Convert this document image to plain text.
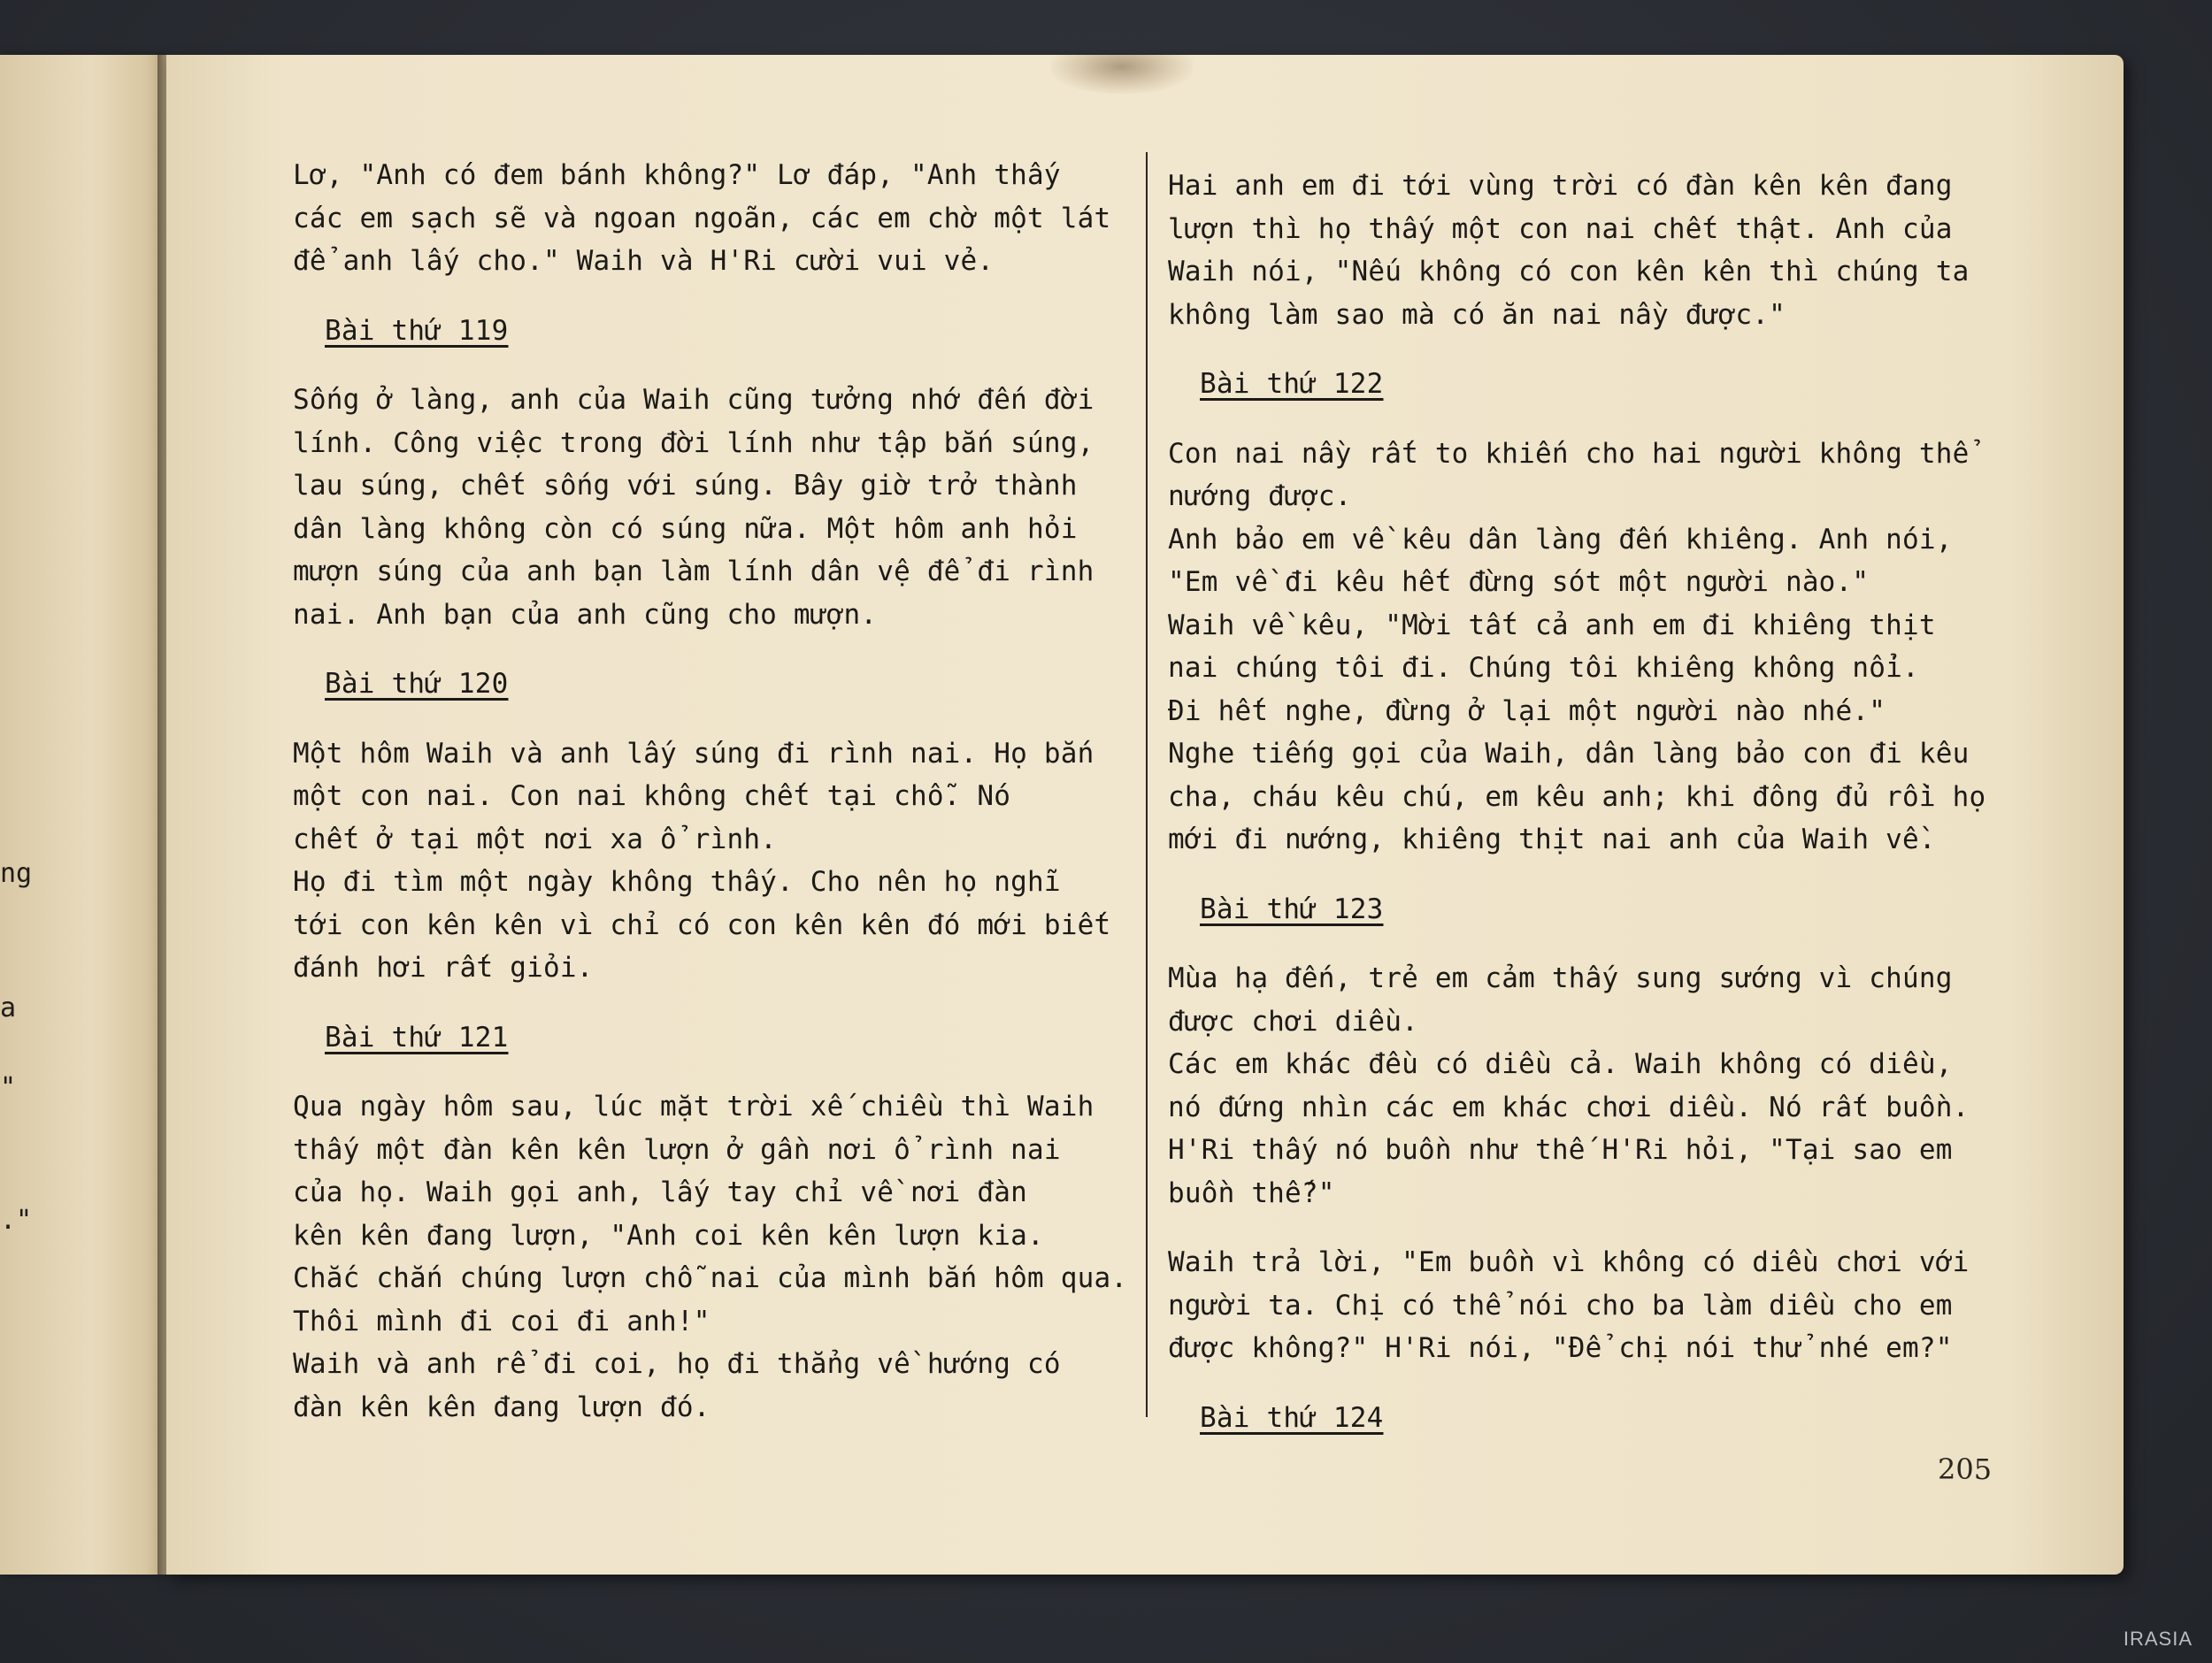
ng
a
"
."
Lơ, "Anh có đem bánh không?" Lơ đáp, "Anh thấy
các em sạch sẽ và ngoan ngoãn, các em chờ một lát
để anh lấy cho." Waih và H'Ri cười vui vẻ.
Bài thứ 119
Sống ở làng, anh của Waih cũng tưởng nhớ đến đời
lính. Công việc trong đời lính như tập bắn súng,
lau súng, chết sống với súng. Bây giờ trở thành
dân làng không còn có súng nữa. Một hôm anh hỏi
mượn súng của anh bạn làm lính dân vệ để đi rình
nai. Anh bạn của anh cũng cho mượn.
Bài thứ 120
Một hôm Waih và anh lấy súng đi rình nai. Họ bắn
một con nai. Con nai không chết tại chỗ. Nó
chết ở tại một nơi xa ổ rình.
Họ đi tìm một ngày không thấy. Cho nên họ nghĩ
tới con kên kên vì chỉ có con kên kên đó mới biết
đánh hơi rất giỏi.
Bài thứ 121
Qua ngày hôm sau, lúc mặt trời xế chiều thì Waih
thấy một đàn kên kên lượn ở gần nơi ổ rình nai
của họ. Waih gọi anh, lấy tay chỉ về nơi đàn
kên kên đang lượn, "Anh coi kên kên lượn kia.
Chắc chắn chúng lượn chỗ nai của mình bắn hôm qua.
Thôi mình đi coi đi anh!"
Waih và anh rể đi coi, họ đi thẳng về hướng có
đàn kên kên đang lượn đó.
Hai anh em đi tới vùng trời có đàn kên kên đang
lượn thì họ thấy một con nai chết thật. Anh của
Waih nói, "Nếu không có con kên kên thì chúng ta
không làm sao mà có ăn nai nầy được."
Bài thứ 122
Con nai nầy rất to khiến cho hai người không thể
nướng được.
Anh bảo em về kêu dân làng đến khiêng. Anh nói,
"Em về đi kêu hết đừng sót một người nào."
Waih về kêu, "Mời tất cả anh em đi khiêng thịt
nai chúng tôi đi. Chúng tôi khiêng không nổi.
Đi hết nghe, đừng ở lại một người nào nhé."
Nghe tiếng gọi của Waih, dân làng bảo con đi kêu
cha, cháu kêu chú, em kêu anh; khi đông đủ rồi họ
mới đi nướng, khiêng thịt nai anh của Waih về.
Bài thứ 123
Mùa hạ đến, trẻ em cảm thấy sung sướng vì chúng
được chơi diều.
Các em khác đều có diều cả. Waih không có diều,
nó đứng nhìn các em khác chơi diều. Nó rất buồn.
H'Ri thấy nó buồn như thế H'Ri hỏi, "Tại sao em
buồn thế?"
Waih trả lời, "Em buồn vì không có diều chơi với
người ta. Chị có thể nói cho ba làm diều cho em
được không?" H'Ri nói, "Để chị nói thử nhé em?"
Bài thứ 124
205
IRASIA
